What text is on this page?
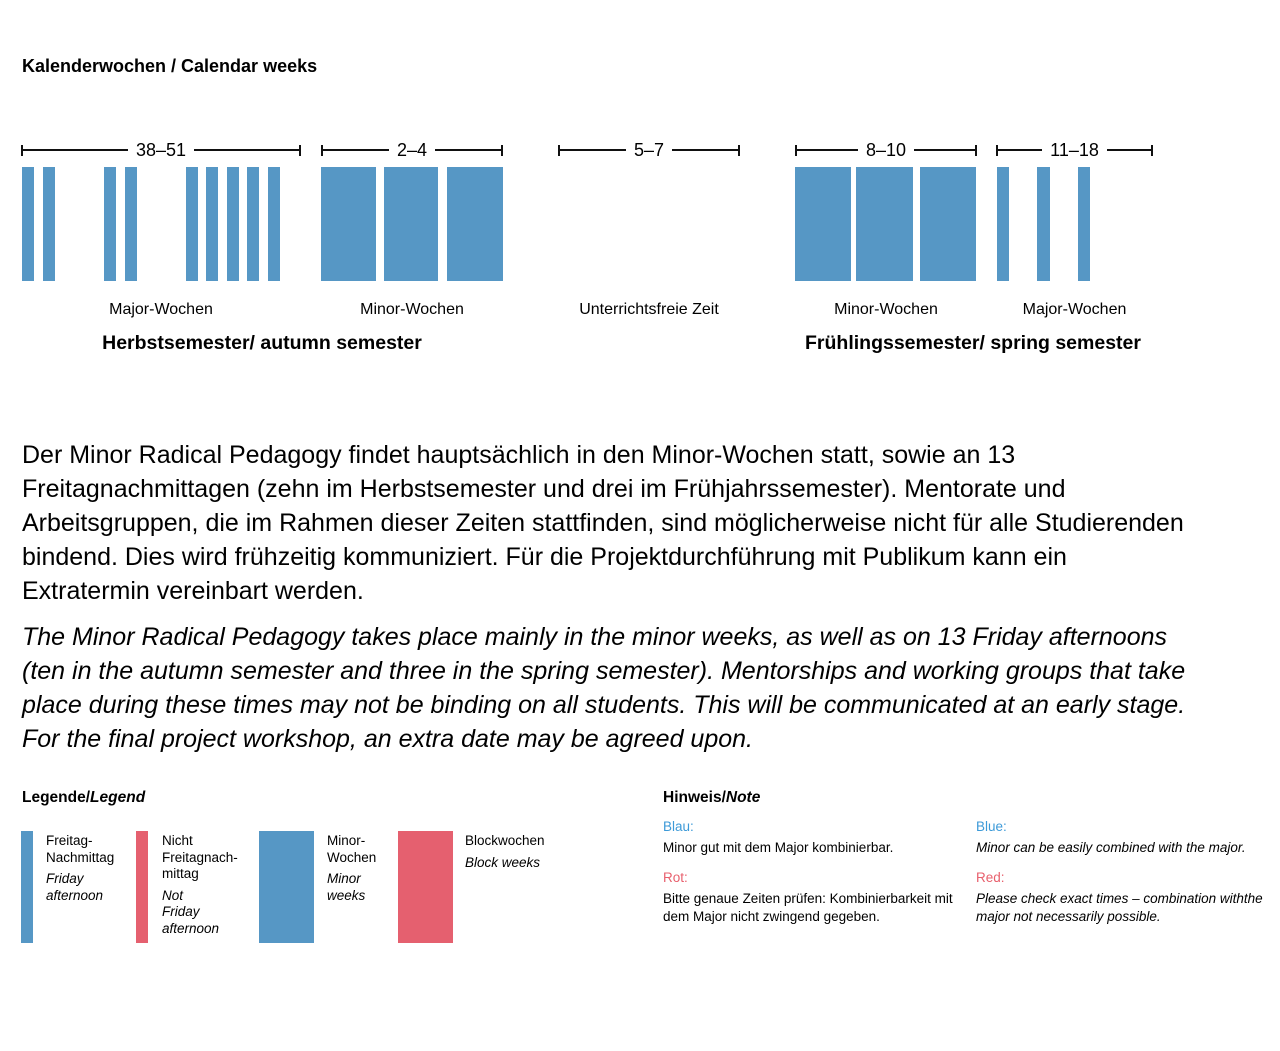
Kalenderwochen / Calendar weeks
38–51
Major-Wochen
2–4
Minor-Wochen
5–7
Unterrichtsfreie Zeit
8–10
Minor-Wochen
11–18
Major-Wochen
Herbstsemester/ autumn semester	Frühlingssemester/ spring semester
Der Minor Radical Pedagogy findet hauptsächlich in den Minor-Wochen statt, sowie an 13
Freitagnachmittagen (zehn im Herbstsemester und drei im Frühjahrssemester). Mentorate und
Arbeitsgruppen, die im Rahmen dieser Zeiten stattfinden, sind möglicherweise nicht für alle Studierenden
bindend. Dies wird frühzeitig kommuniziert. Für die Projektdurchführung mit Publikum kann ein
Extratermin vereinbart werden.
The Minor Radical Pedagogy takes place mainly in the minor weeks, as well as on 13 Friday afternoons
(ten in the autumn semester and three in the spring semester). Mentorships and working groups that take
place during these times may not be binding on all students. This will be communicated at an early stage.
For the final project workshop, an extra date may be agreed upon.
Legende/Legend
Freitag-
Nachmittag
Friday
afternoon
Nicht
Freitagnach-
mittag
Not
Friday
afternoon
Minor-
Wochen
Minor
weeks
Blockwochen
Block weeks
Hinweis/Note
Blau:
Minor gut mit dem Major kombinierbar.
Rot:
Bitte genaue Zeiten prüfen: Kombinierbarkeit mit
dem Major nicht zwingend gegeben.
Blue:
Minor can be easily combined with the major.
Red:
Please check exact times – combination withthe
major not necessarily possible.
